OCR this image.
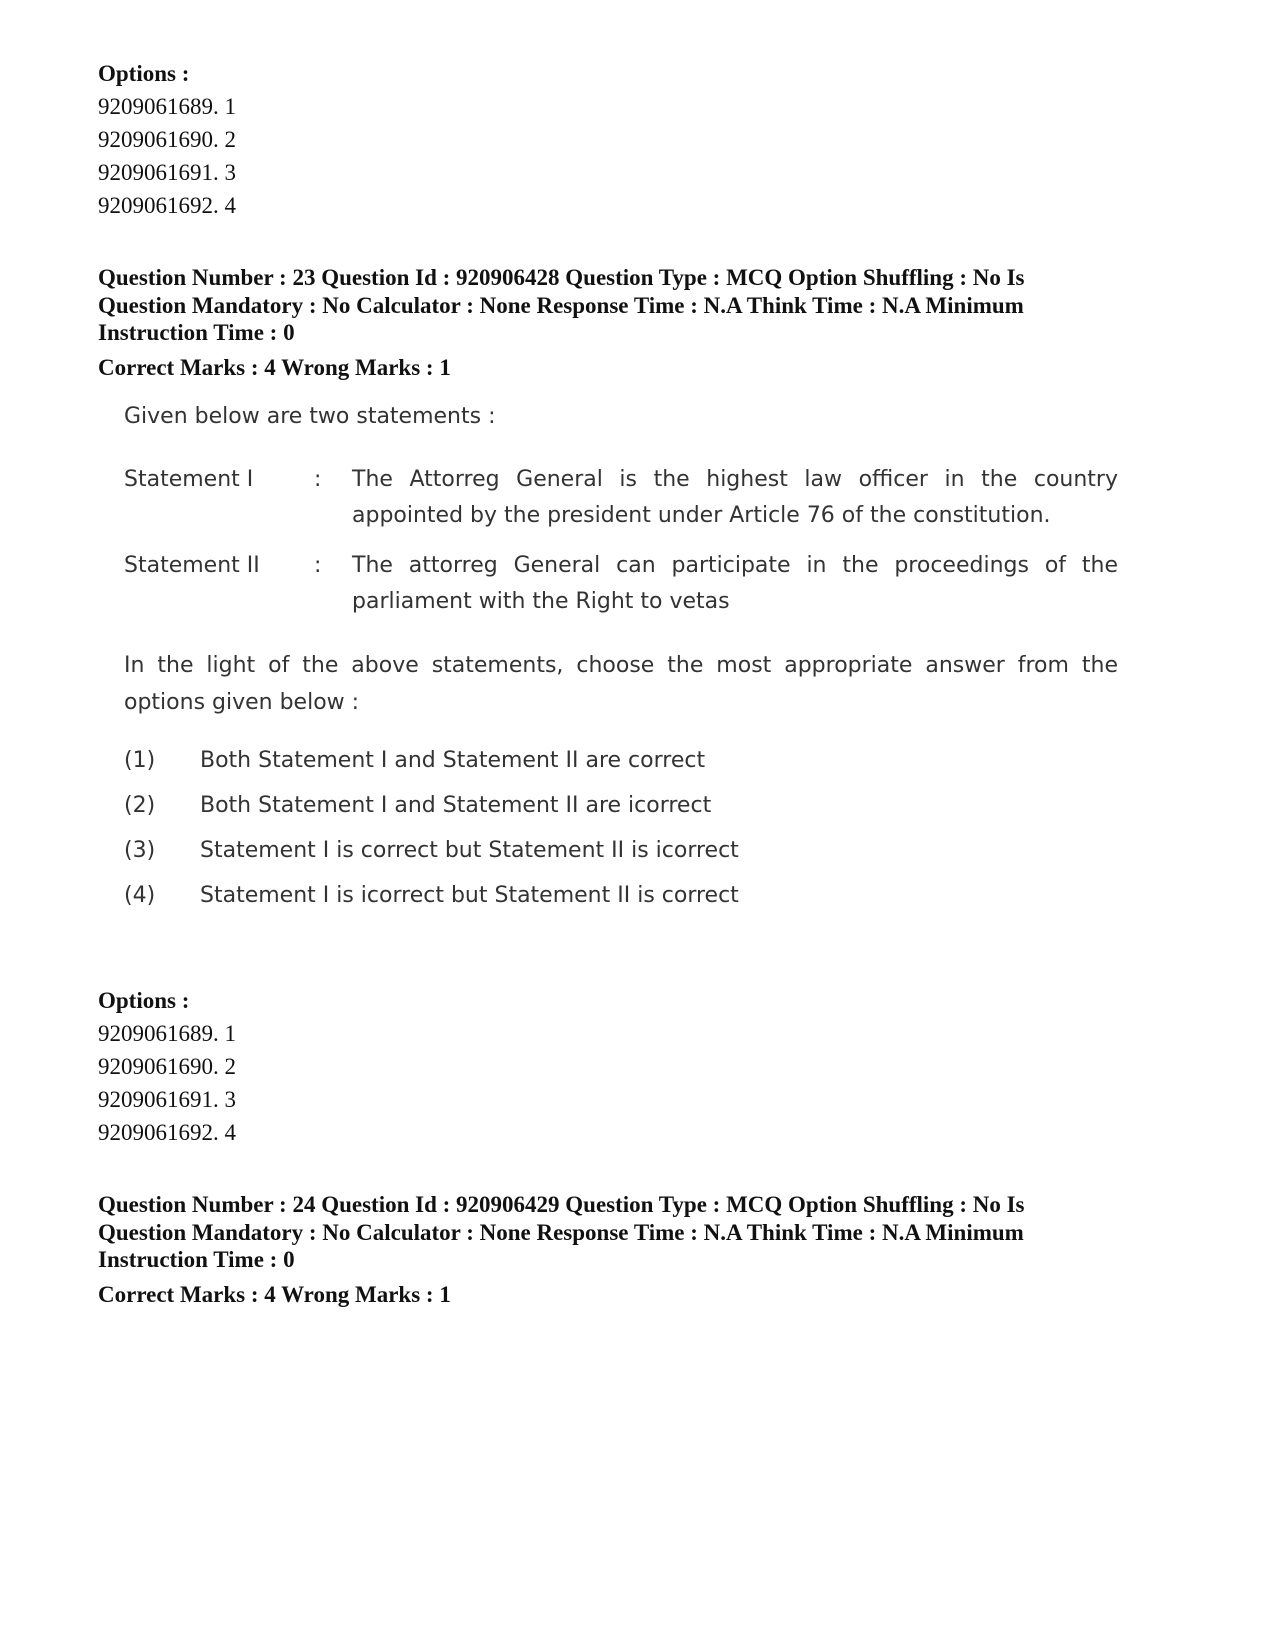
Options :
9209061689. 1
9209061690. 2
9209061691. 3
9209061692. 4
Question Number : 23 Question Id : 920906428 Question Type : MCQ Option Shuffling : No Is Question Mandatory : No Calculator : None Response Time : N.A Think Time : N.A Minimum Instruction Time : 0
Correct Marks : 4 Wrong Marks : 1
Given below are two statements :
Statement I	: The Attorreg General is the highest law officer in the country appointed by the president under Article 76 of the constitution.
Statement II : The attorreg General can participate in the proceedings of the parliament with the Right to vetas
In the light of the above statements, choose the most appropriate answer from the options given below :
(1) Both Statement I and Statement II are correct
(2) Both Statement I and Statement II are icorrect
(3) Statement I is correct but Statement II is icorrect
(4) Statement I is icorrect but Statement II is correct
Options :
9209061689. 1
9209061690. 2
9209061691. 3
9209061692. 4
Question Number : 24 Question Id : 920906429 Question Type : MCQ Option Shuffling : No Is Question Mandatory : No Calculator : None Response Time : N.A Think Time : N.A Minimum Instruction Time : 0
Correct Marks : 4 Wrong Marks : 1
